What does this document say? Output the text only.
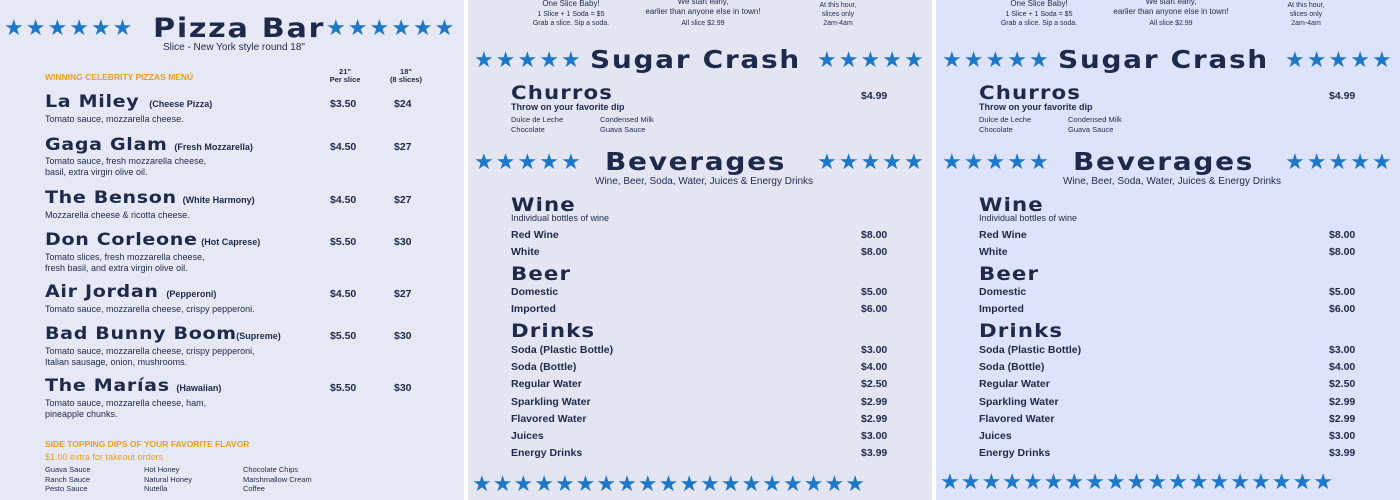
★★★★★★ Pizza Bar ★★★★★★
Slice - New York style round 18"
WINNING CELEBRITY PIZZAS MENÚ
21"
Per slice
18"
(8 slices)
La Miley (Cheese Pizza)
Tomato sauce, mozzarella cheese.
$3.50	$24
Gaga Glam (Fresh Mozzarella)
Tomato sauce, fresh mozzarella cheese,
basil, extra virgin olive oil.
$4.50	$27
The Benson (White Harmony)
Mozzarella cheese & ricotta cheese.
$4.50	$27
Don Corleone (Hot Caprese)
Tomato slices, fresh mozzarella cheese,
fresh basil, and extra virgin olive oil.
$5.50	$30
Air Jordan (Pepperoni)
Tomato sauce, mozzarella cheese, crispy pepperoni.
$4.50	$27
Bad Bunny Boom(Supreme)
Tomato sauce, mozzarella cheese, crispy pepperoni,
Italian sausage, onion, mushrooms.
$5.50	$30
The Marías (Hawaiian)
Tomato sauce, mozzarella cheese, ham,
pineapple chunks.
$5.50	$30
SIDE TOPPING DIPS OF YOUR FAVORITE FLAVOR
$1.00 extra for takeout orders
Guava Sauce
Ranch Sauce
Pesto Sauce
Hot Honey
Natural Honey
Nutella
Chocolate Chips
Marshmallow Cream
Coffee
One Slice Baby!
1 Slice + 1 Soda = $5
Grab a slice. Sip a soda.
We start early,
earlier than anyone else in town!
All slice $2.99
At this hour,
slices only
2am-4am
★★★★★ Sugar Crash ★★★★★
Churros	$4.99
Throw on your favorite dip
Dulce de Leche
Chocolate
Condensed Milk
Guava Sauce
★★★★★ Beverages ★★★★★
Wine, Beer, Soda, Water, Juices & Energy Drinks
Wine
Individual bottles of wine
Red Wine	$8.00
White	$8.00
Beer
Domestic	$5.00
Imported	$6.00
Drinks
Soda (Plastic Bottle)	$3.00
Soda (Bottle)	$4.00
Regular Water	$2.50
Sparkling Water	$2.99
Flavored Water	$2.99
Juices	$3.00
Energy Drinks	$3.99
★★★★★★★★★★★★★★★★★★★
One Slice Baby!
1 Slice + 1 Soda = $5
Grab a slice. Sip a soda.
We start early,
earlier than anyone else in town!
All slice $2.99
At this hour,
slices only
2am-4am
★★★★★ Sugar Crash ★★★★★
Churros	$4.99
Throw on your favorite dip
Dulce de Leche
Chocolate
Condensed Milk
Guava Sauce
★★★★★ Beverages ★★★★★
Wine, Beer, Soda, Water, Juices & Energy Drinks
Wine
Individual bottles of wine
Red Wine	$8.00
White	$8.00
Beer
Domestic	$5.00
Imported	$6.00
Drinks
Soda (Plastic Bottle)	$3.00
Soda (Bottle)	$4.00
Regular Water	$2.50
Sparkling Water	$2.99
Flavored Water	$2.99
Juices	$3.00
Energy Drinks	$3.99
★★★★★★★★★★★★★★★★★★★
